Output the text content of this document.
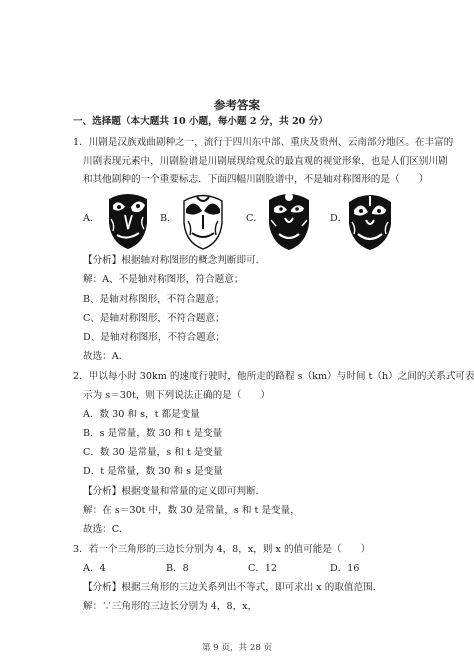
参考答案
一、选择题（本大题共 10 小题，每小题 2 分，共 20 分）
1．川剧是汉族戏曲剧种之一，流行于四川东中部、重庆及贵州、云南部分地区。在丰富的
川剧表现元素中，川剧脸谱是川剧展现给观众的最直观的视觉形象，也是人们区别川剧
和其他剧种的一个重要标志．下面四幅川剧脸谱中，不是轴对称图形的是（　　）
A．	B．	C．	D．
【分析】根据轴对称图形的概念判断即可．
解：A、不是轴对称图形，符合题意；
B、是轴对称图形，不符合题意；
C、是轴对称图形，不符合题意；
D、是轴对称图形，不符合题意；
故选：A．
2．甲以每小时 30km 的速度行驶时，他所走的路程 s（km）与时间 t（h）之间的关系式可表
示为 s＝30t，则下列说法正确的是（　　）
A．数 30 和 s，t 都是变量
B．s 是常量，数 30 和 t 是变量
C．数 30 是常量，s 和 t 是变量
D．t 是常量，数 30 和 s 是变量
【分析】根据变量和常量的定义即可判断．
解：在 s＝30t 中，数 30 是常量，s 和 t 是变量，
故选：C．
3．若一个三角形的三边长分别为 4，8，x，则 x 的值可能是（　　）
A．4	B．8	C．12	D．16
【分析】根据三角形的三边关系列出不等式，即可求出 x 的取值范围．
解：∵三角形的三边长分别为 4，8，x，
第 9 页，共 28 页
